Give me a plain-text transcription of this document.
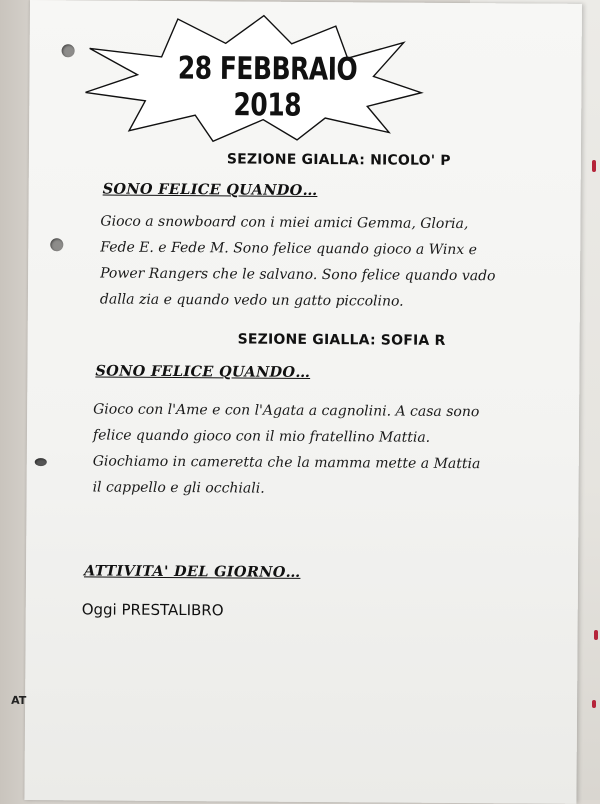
28 FEBBRAIO 2018
SEZIONE GIALLA: NICOLO' P
SONO FELICE QUANDO…
Gioco a snowboard con i miei amici Gemma, Gloria,
Fede E. e Fede M. Sono felice quando gioco a Winx e
Power Rangers che le salvano. Sono felice quando vado
dalla zia e quando vedo un gatto piccolino.
SEZIONE GIALLA: SOFIA R
SONO FELICE QUANDO…
Gioco con l'Ame e con l'Agata a cagnolini. A casa sono
felice quando gioco con il mio fratellino Mattia.
Giochiamo in cameretta che la mamma mette a Mattia
il cappello e gli occhiali.
ATTIVITA' DEL GIORNO…
Oggi PRESTALIBRO
AT
